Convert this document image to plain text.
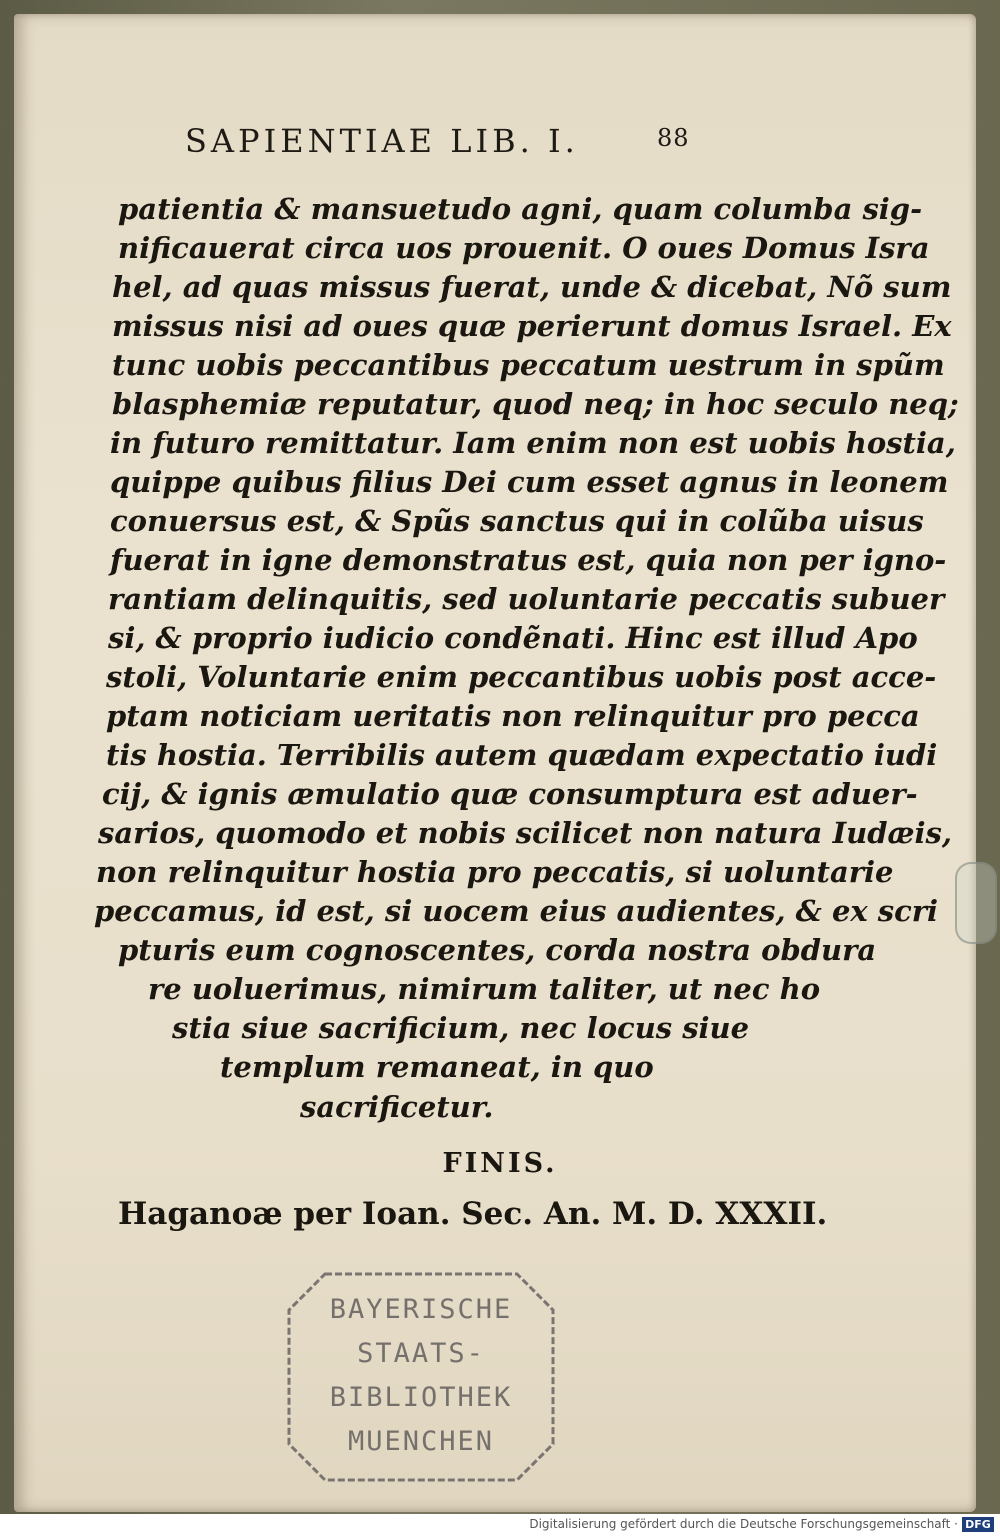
SAPIENTIAE LIB. I.	88
patientia & mansuetudo agni, quam columba sig-
nificauerat circa uos prouenit. O oues Domus Isra
hel, ad quas missus fuerat, unde & dicebat, Nõ sum
missus nisi ad oues quæ perierunt domus Israel. Ex
tunc uobis peccantibus peccatum uestrum in spũm
blasphemiæ reputatur, quod neq; in hoc seculo neq;
in futuro remittatur. Iam enim non est uobis hostia,
quippe quibus filius Dei cum esset agnus in leonem
conuersus est, & Spũs sanctus qui in colũba uisus
fuerat in igne demonstratus est, quia non per igno-
rantiam delinquitis, sed uoluntarie peccatis subuer
si, & proprio iudicio condẽnati. Hinc est illud Apo
stoli, Voluntarie enim peccantibus uobis post acce-
ptam noticiam ueritatis non relinquitur pro pecca
tis hostia. Terribilis autem quædam expectatio iudi
cij, & ignis æmulatio quæ consumptura est aduer-
sarios, quomodo et nobis scilicet non natura Iudæis,
non relinquitur hostia pro peccatis, si uoluntarie
peccamus, id est, si uocem eius audientes, & ex scri
pturis eum cognoscentes, corda nostra obdura
re uoluerimus, nimirum taliter, ut nec ho
stia siue sacrificium, nec locus siue
templum remaneat, in quo
sacrificetur.
FINIS.
Haganoæ per Ioan. Sec. An. M. D. XXXII.
BAYERISCHE
STAATS-
BIBLIOTHEK
MUENCHEN
Digitalisierung gefördert durch die Deutsche Forschungsgemeinschaft · DFG
